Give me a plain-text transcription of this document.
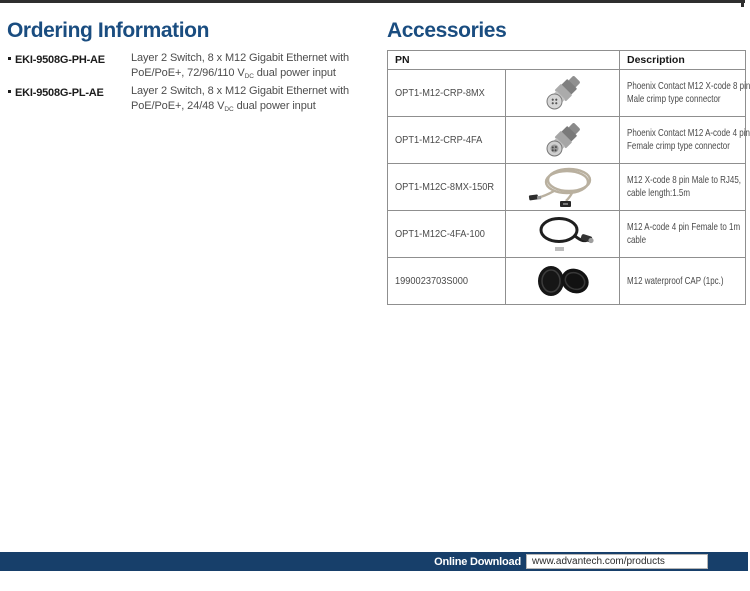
Ordering Information
EKI-9508G-PH-AE	Layer 2 Switch, 8 x M12 Gigabit Ethernet with
PoE/PoE+, 72/96/110 $V_{DC}$ dual power input
EKI-9508G-PL-AE	Layer 2 Switch, 8 x M12 Gigabit Ethernet with
PoE/PoE+, 24/48 $V_{DC}$ dual power input
Accessories
PN		Description
OPT1-M12-CRP-8MX		Phoenix Contact M12 X-code 8 pin
Male crimp type connector

OPT1-M12-CRP-4FA		Phoenix Contact M12 A-code 4 pin
Female crimp type connector

OPT1-M12C-8MX-150R		M12 X-code 8 pin Male to RJ45,
cable length:1.5m

OPT1-M12C-4FA-100		M12 A-code 4 pin Female to 1m
cable

1990023703S000		M12 waterproof CAP (1pc.)
Online Download	www.advantech.com/products
